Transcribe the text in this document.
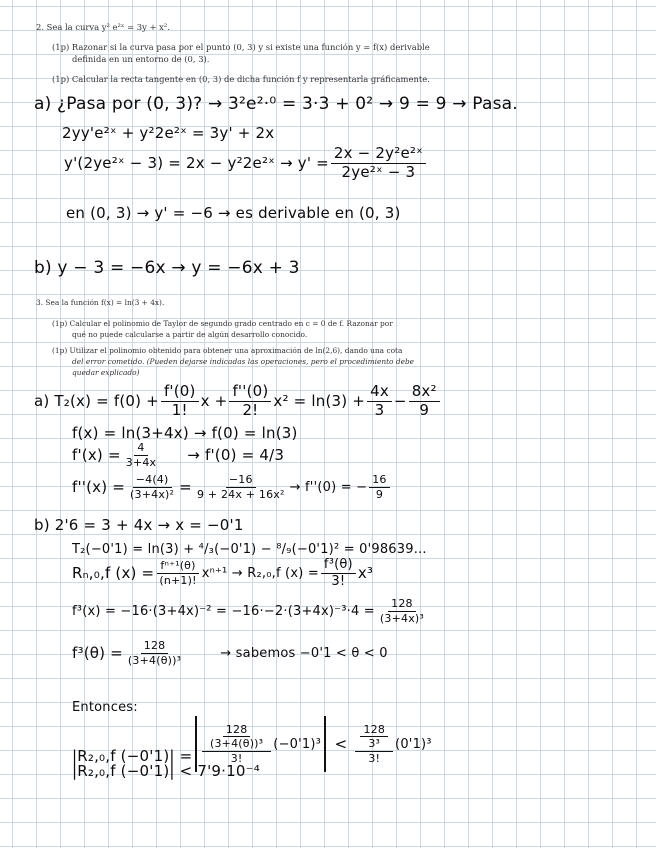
2. Sea la curva y² e²ˣ = 3y + x².
(1p) Razonar si la curva pasa por el punto (0, 3) y si existe una función y = f(x) derivable
definida en un entorno de (0, 3).
(1p) Calcular la recta tangente en (0, 3) de dicha función f y representarla gráficamente.
a) ¿Pasa por (0, 3)? → 3²e²·⁰ = 3·3 + 0² → 9 = 9 → Pasa.
2yy'e²ˣ + y²2e²ˣ = 3y' + 2x
y'(2ye²ˣ − 3) = 2x − y²2e²ˣ → $y' = \frac{\text{2x − 2y²e²ˣ}}{\text{2ye²ˣ − 3}}$
en (0, 3) → y' = −6 → es derivable en (0, 3)
b) y − 3 = −6x → y = −6x + 3
3. Sea la función f(x) = ln(3 + 4x).
(1p) Calcular el polinomio de Taylor de segundo grado centrado en c = 0 de f. Razonar por
qué no puede calcularse a partir de algún desarrollo conocido.
(1p) Utilizar el polinomio obtenido para obtener una aproximación de ln(2,6), dando una cota
del error cometido. (Pueden dejarse indicadas las operaciones, pero el procedimiento debe
quedar explicado)
a) $T_2(x) = f(0) + \frac{f'(0)}{1!}$ $x + \frac{f''(0)}{2!} x^2 = \ln(3) + \frac{4x}{3} - \frac{\text{8x²}}{9}$
f(x) = ln(3+4x) → f(0) = ln(3)
$f'(x) = \frac{4}{3+4x} \to f'(0) = 4/3$
$f''(x) = \frac{-4(4)}{\text{(3+4x)²}} = \frac{-16}{\text{9 + 24x + 16x²}} \to f''(0)$ = − $\frac{16}{9}$
b) 2'6 = 3 + 4x → x = −0'1
T₂(−0'1) = ln(3) + ⁴/₃(−0'1) − ⁸/₉(−0'1)² = 0'98639...
Rₙ,₀,f $(x) = \frac{\text{fⁿ⁺¹(θ)}}{(n+1)!} x^{n+1} \to R_2,_0,f$ $(x) = \frac{\text{f³(θ)}}{3!} x^3$
$f^3(x) = -16\cdot(3+4x)^{-2} = -16\cdot-2\cdot(3+4x)^{-3}\cdot 4 = \frac{128}{\text{(3+4x)³}}$
$f^3(\theta) = \frac{128}{\text{(3+4(θ))³}}$	→ sabemos −0'1 < θ < 0
Entonces:
|R₂,₀,f $(-0'1)| = \frac{\frac{128}{\text{(3+4(θ))³}}}{3!} (-0'1)^3 < \frac{\frac{128}{\text{3³}}}{3!} (0'1)^3$
|R₂,₀,f (−0'1)| < 7'9·10⁻⁴
